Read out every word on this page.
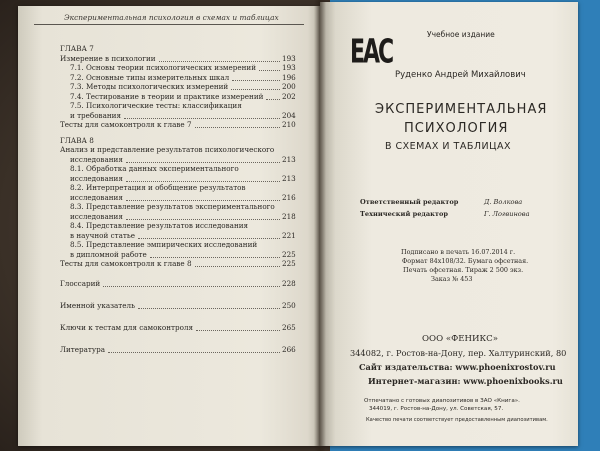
Экспериментальная психология в схемах и таблицах
ГЛАВА 7
Измерение в психологии	193
7.1. Основы теории психологических измерений	193
7.2. Основные типы измерительных шкал	196
7.3. Методы психологических измерений	200
7.4. Тестирование в теории и практике измерений	202
7.5. Психологические тесты: классификация
и требования	204
Тесты для самоконтроля к главе 7	210
ГЛАВА 8
Анализ и представление результатов психологического
исследования	213
8.1. Обработка данных экспериментального
исследования	213
8.2. Интерпретация и обобщение результатов
исследования	216
8.3. Представление результатов экспериментального
исследования	218
8.4. Представление результатов исследования
в научной статье	221
8.5. Представление эмпирических исследований
в дипломной работе	225
Тесты для самоконтроля к главе 8	225
Глоссарий	228
Именной указатель	250
Ключи к тестам для самоконтроля	265
Литература	266
EAC	Учебное издание
Руденко Андрей Михайлович
ЭКСПЕРИМЕНТАЛЬНАЯ
ПСИХОЛОГИЯ
В СХЕМАХ И ТАБЛИЦАХ
Ответственный редактор	Д. Волкова
Технический редактор	Г. Логвинова
Подписано в печать 16.07.2014 г.
Формат 84х108/32. Бумага офсетная.
Печать офсетная. Тираж 2 500 экз.
Заказ № 453
ООО «ФЕНИКС»
344082, г. Ростов-на-Дону, пер. Халтуринский, 80
Сайт издательства: www.phoenixrostov.ru
Интернет-магазин: www.phoenixbooks.ru
Отпечатано с готовых диапозитивов в ЗАО «Книга».
344019, г. Ростов-на-Дону, ул. Советская, 57.
Качество печати соответствует предоставленным диапозитивам.
